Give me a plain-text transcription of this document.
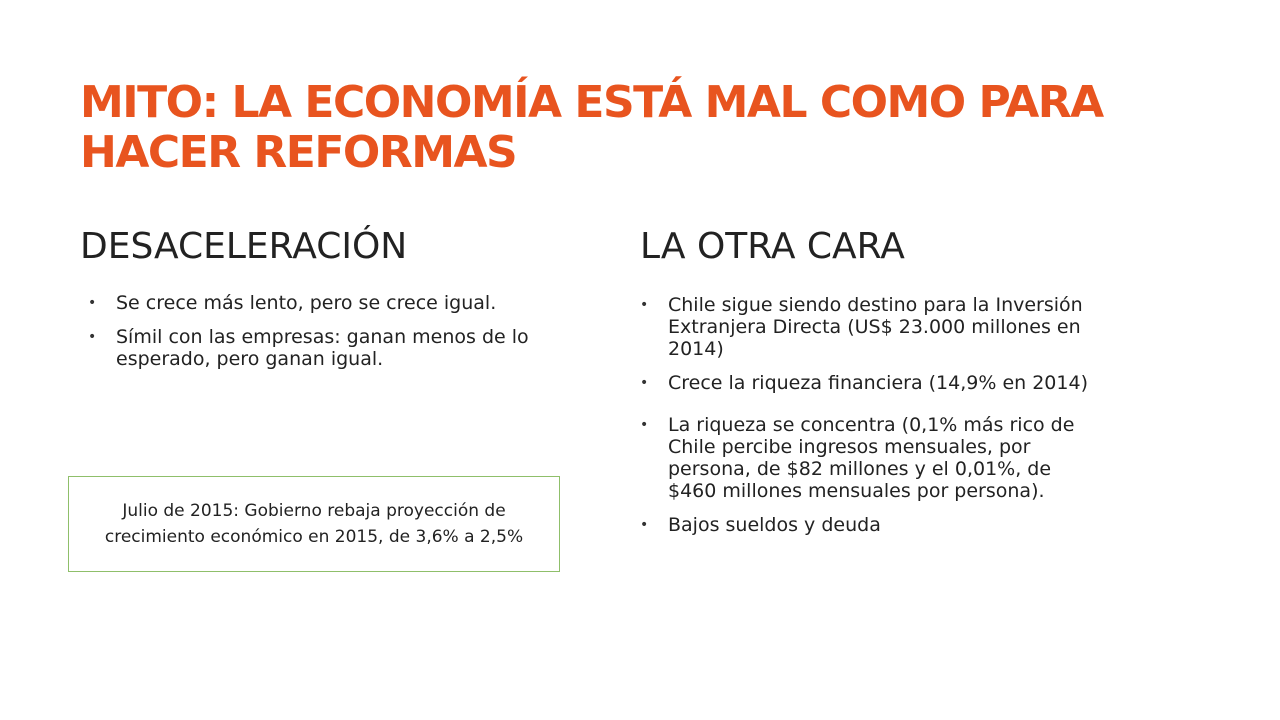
MITO: LA ECONOMÍA ESTÁ MAL COMO PARA HACER REFORMAS
DESACELERACIÓN
• Se crece más lento, pero se crece igual.
• Símil con las empresas: ganan menos de lo esperado, pero ganan igual.
Julio de 2015: Gobierno rebaja proyección de crecimiento económico en 2015, de 3,6% a 2,5%
LA OTRA CARA
• Chile sigue siendo destino para la Inversión Extranjera Directa (US$ 23.000 millones en 2014)
• Crece la riqueza financiera (14,9% en 2014)
• La riqueza se concentra (0,1% más rico de Chile percibe ingresos mensuales, por persona, de $82 millones y el 0,01%, de $460 millones mensuales por persona).
• Bajos sueldos y deuda
